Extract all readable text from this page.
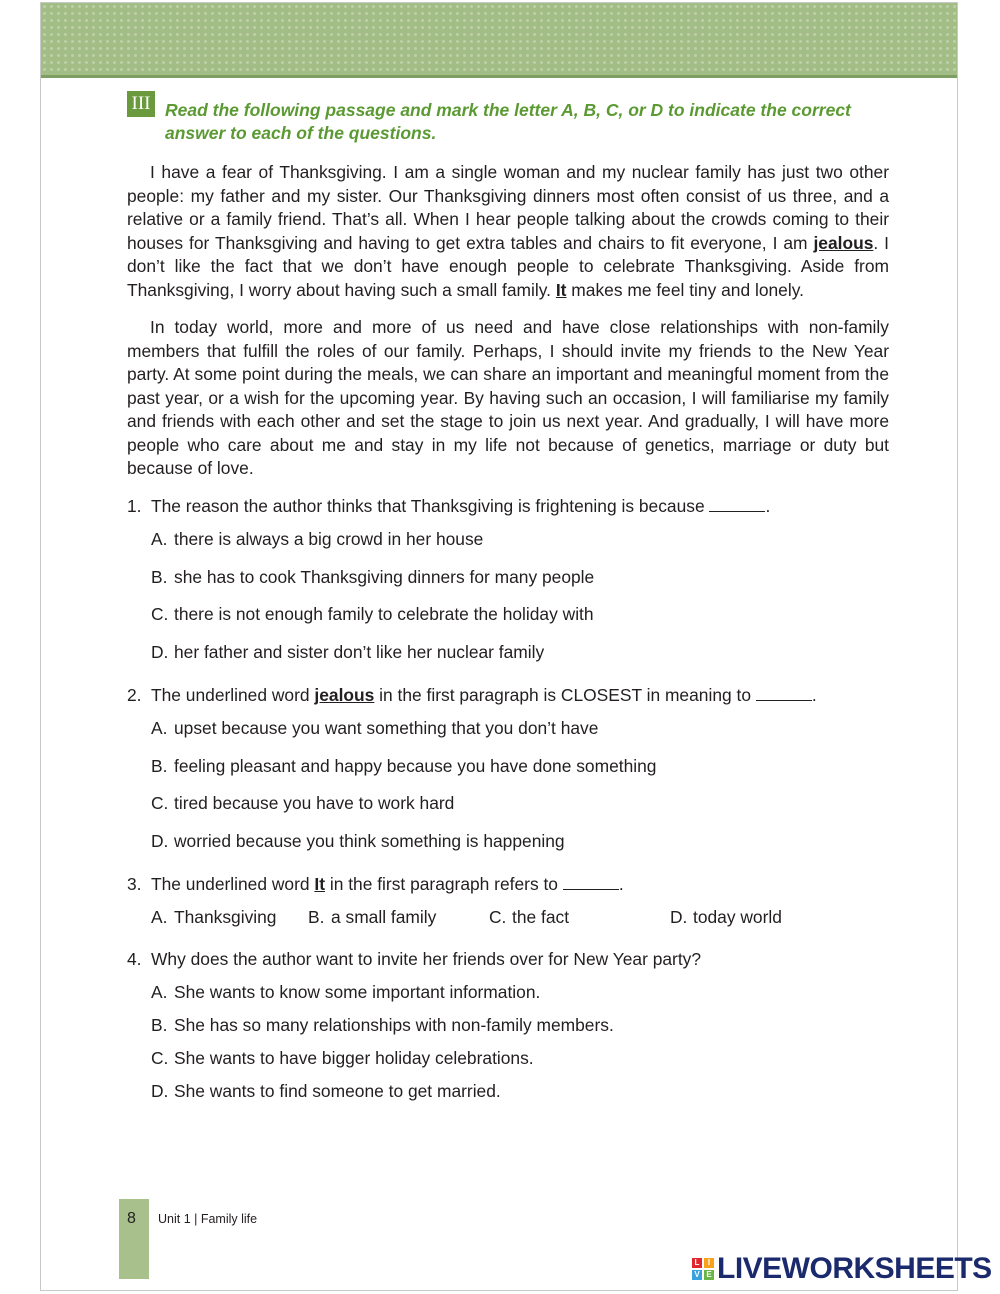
III Read the following passage and mark the letter A, B, C, or D to indicate the correct answer to each of the questions.

I have a fear of Thanksgiving. I am a single woman and my nuclear family has just two other people: my father and my sister. Our Thanksgiving dinners most often consist of us three, and a relative or a family friend. That’s all. When I hear people talking about the crowds coming to their houses for Thanksgiving and having to get extra tables and chairs to fit everyone, I am jealous. I don’t like the fact that we don’t have enough people to celebrate Thanksgiving. Aside from Thanksgiving, I worry about having such a small family. It makes me feel tiny and lonely.

In today world, more and more of us need and have close relationships with non-family members that fulfill the roles of our family. Perhaps, I should invite my friends to the New Year party. At some point during the meals, we can share an important and meaningful moment from the past year, or a wish for the upcoming year. By having such an occasion, I will familiarise my family and friends with each other and set the stage to join us next year. And gradually, I will have more people who care about me and stay in my life not because of genetics, marriage or duty but because of love.

1. The reason the author thinks that Thanksgiving is frightening is because	.
A. there is always a big crowd in her house
B. she has to cook Thanksgiving dinners for many people
C. there is not enough family to celebrate the holiday with
D. her father and sister don’t like her nuclear family
2. The underlined word jealous in the first paragraph is CLOSEST in meaning to	.
A. upset because you want something that you don’t have
B. feeling pleasant and happy because you have done something
C. tired because you have to work hard
D. worried because you think something is happening
3. The underlined word It in the first paragraph refers to	.
A. Thanksgiving B. a small family	C. the fact	D. today world
4. Why does the author want to invite her friends over for New Year party?
A. She wants to know some important information.
B. She has so many relationships with non-family members.
C. She wants to have bigger holiday celebrations.
D. She wants to find someone to get married.
8 Unit 1 | Family life
L	I
V E LIVEWORKSHEETS
